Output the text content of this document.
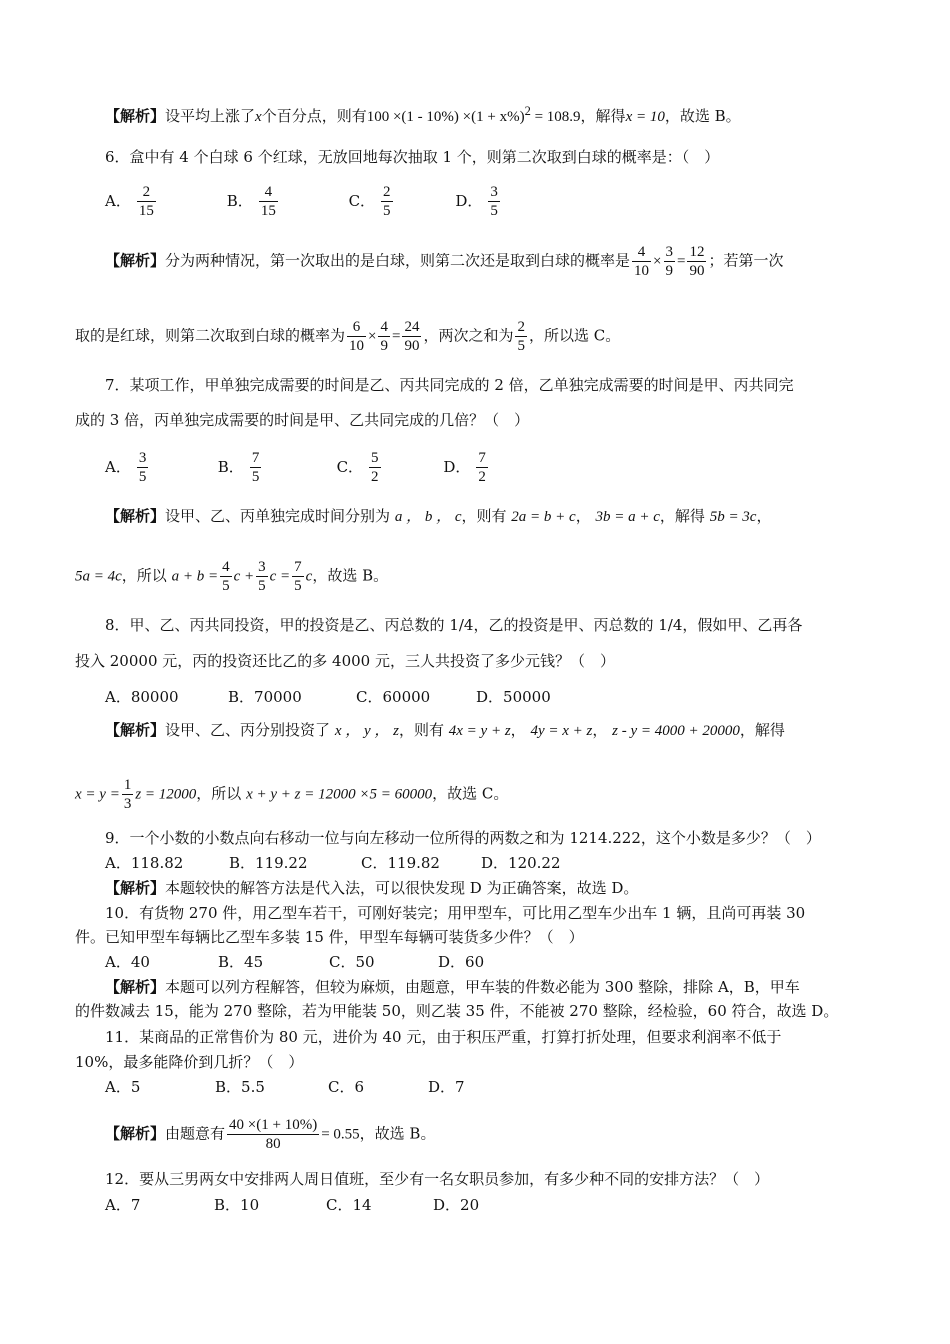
【解析】设平均上涨了x个百分点，则有$100 \times(1 - 10\%) \times(1 + x\%)^2 = 108.9$，解得x = 10，故选 B。
6．盒中有 4 个白球 6 个红球，无放回地每次抽取 1 个，则第二次取到白球的概率是：（　）
A． $\frac{2}{15}$	B． $\frac{4}{15}$	C． $\frac{2}{5}$	D． $\frac{3}{5}$
【解析】分为两种情况，第一次取出的是白球，则第二次还是取到白球的概率是 $\frac{4}{10} \times \frac{3}{9} = \frac{12}{90}$ ；若第一次
取的是红球，则第二次取到白球的概率为 $\frac{6}{10} \times \frac{4}{9} = \frac{24}{90}$ ，两次之和为 $\frac{2}{5}$ ，所以选 C。
7．某项工作，甲单独完成需要的时间是乙、丙共同完成的 2 倍，乙单独完成需要的时间是甲、丙共同完
成的 3 倍，丙单独完成需要的时间是甲、乙共同完成的几倍？（　）
A． $\frac{3}{5}$	B． $\frac{7}{5}$	C． $\frac{5}{2}$	D． $\frac{7}{2}$
【解析】设甲、乙、丙单独完成时间分别为 a ， b ， c，则有 2a = b + c， 3b = a + c，解得 5b = 3c，
5a = 4c，所以 $a + b = \frac{4}{5}$ $c + \frac{3}{5}$ $c = \frac{7}{5}$ c，故选 B。
8．甲、乙、丙共同投资，甲的投资是乙、丙总数的 1/4，乙的投资是甲、丙总数的 1/4，假如甲、乙再各
投入 20000 元，丙的投资还比乙的多 4000 元，三人共投资了多少元钱？（　）
A．80000	B．70000	C．60000	D．50000
【解析】设甲、乙、丙分别投资了 x ， y ， z，则有 4x = y + z， 4y = x + z， z - y = 4000 + 20000，解得
$x = y = \frac{1}{3}$ z = 12000，所以 x + y + z = 12000 ×5 = 60000，故选 C。
9．一个小数的小数点向右移动一位与向左移动一位所得的两数之和为 1214.222，这个小数是多少？（　）
A．118.82	B．119.22	C．119.82	D．120.22
【解析】本题较快的解答方法是代入法，可以很快发现 D 为正确答案，故选 D。
10．有货物 270 件，用乙型车若干，可刚好装完；用甲型车，可比用乙型车少出车 1 辆，且尚可再装 30
件。已知甲型车每辆比乙型车多装 15 件，甲型车每辆可装货多少件？（　）
A．40	B．45	C．50	D．60
【解析】本题可以列方程解答，但较为麻烦，由题意，甲车装的件数必能为 300 整除，排除 A，B，甲车
的件数减去 15，能为 270 整除，若为甲能装 50，则乙装 35 件，不能被 270 整除，经检验，60 符合，故选 D。
11．某商品的正常售价为 80 元，进价为 40 元，由于积压严重，打算打折处理，但要求利润率不低于
10%，最多能降价到几折？（　）
A．5	B．5.5	C．6	D．7
【解析】由题意有 $\frac{40 \times(1 + 10\%)}{80} = 0.55$，故选 B。
12．要从三男两女中安排两人周日值班，至少有一名女职员参加，有多少种不同的安排方法？（　）
A．7	B．10	C．14	D．20
